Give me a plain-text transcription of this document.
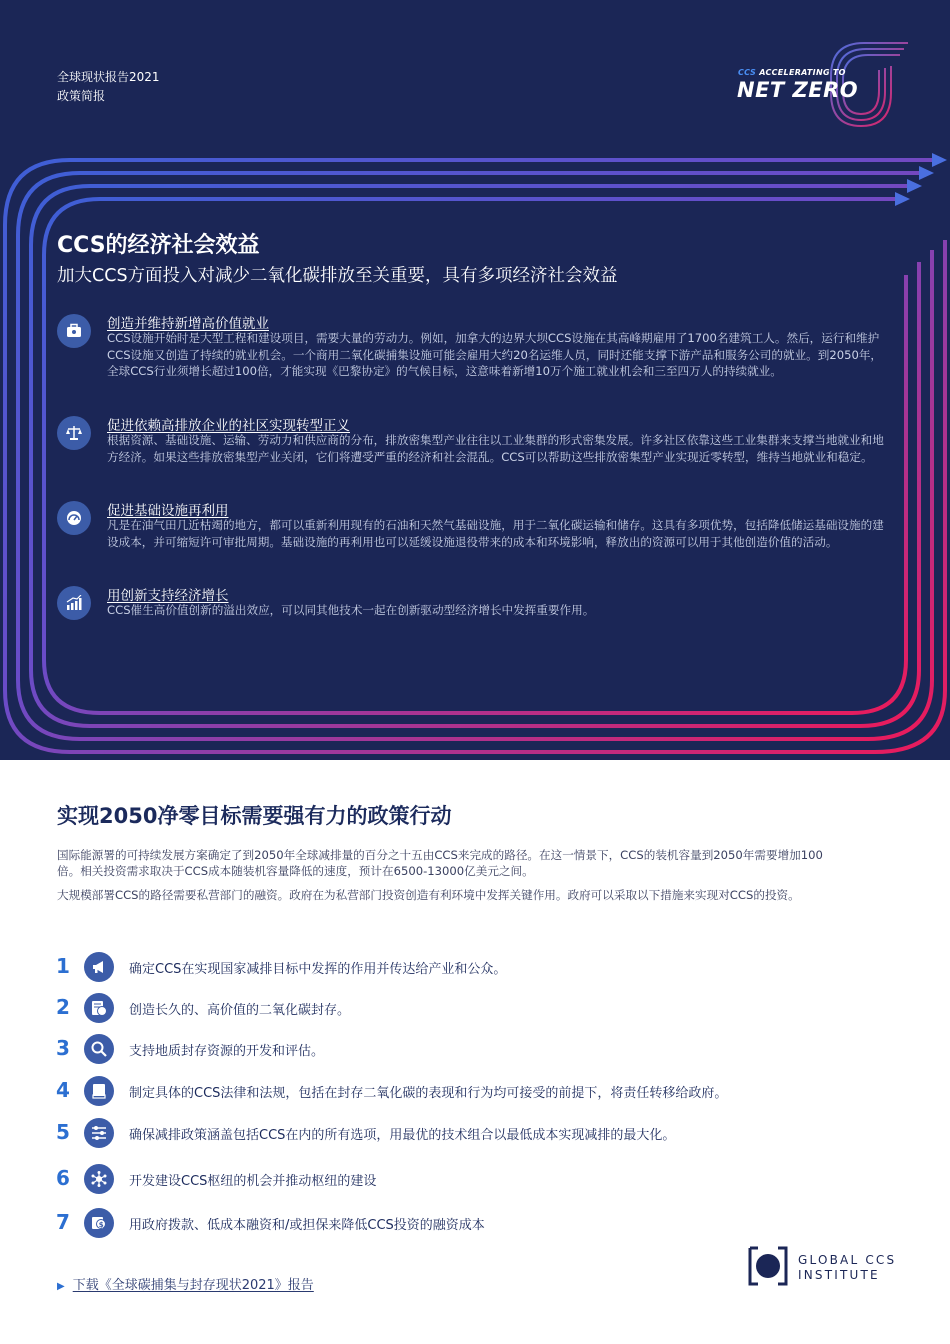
全球现状报告2021
政策简报
CCS ACCELERATING TO
NET ZERO
CCS的经济社会效益
加大CCS方面投入对减少二氧化碳排放至关重要，具有多项经济社会效益
创造并维持新增高价值就业
CCS设施开始时是大型工程和建设项目，需要大量的劳动力。例如，加拿大的边界大坝CCS设施在其高峰期雇用了1700名建筑工人。然后，运行和维护CCS设施又创造了持续的就业机会。一个商用二氧化碳捕集设施可能会雇用大约20名运维人员，同时还能支撑下游产品和服务公司的就业。到2050年，全球CCS行业须增长超过100倍，才能实现《巴黎协定》的气候目标，这意味着新增10万个施工就业机会和三至四万人的持续就业。
促进依赖高排放企业的社区实现转型正义
根据资源、基础设施、运输、劳动力和供应商的分布，排放密集型产业往往以工业集群的形式密集发展。许多社区依靠这些工业集群来支撑当地就业和地方经济。如果这些排放密集型产业关闭，它们将遭受严重的经济和社会混乱。CCS可以帮助这些排放密集型产业实现近零转型，维持当地就业和稳定。
促进基础设施再利用
凡是在油气田几近枯竭的地方，都可以重新利用现有的石油和天然气基础设施，用于二氧化碳运输和储存。这具有多项优势，包括降低储运基础设施的建设成本，并可缩短许可审批周期。基础设施的再利用也可以延缓设施退役带来的成本和环境影响，释放出的资源可以用于其他创造价值的活动。
用创新支持经济增长
CCS催生高价值创新的溢出效应，可以同其他技术一起在创新驱动型经济增长中发挥重要作用。
实现2050净零目标需要强有力的政策行动
国际能源署的可持续发展方案确定了到2050年全球减排量的百分之十五由CCS来完成的路径。在这一情景下，CCS的装机容量到2050年需要增加100倍。相关投资需求取决于CCS成本随装机容量降低的速度，预计在6500-13000亿美元之间。
大规模部署CCS的路径需要私营部门的融资。政府在为私营部门投资创造有利环境中发挥关键作用。政府可以采取以下措施来实现对CCS的投资。
1	确定CCS在实现国家减排目标中发挥的作用并传达给产业和公众。
2	创造长久的、高价值的二氧化碳封存。
3	支持地质封存资源的开发和评估。
4	制定具体的CCS法律和法规，包括在封存二氧化碳的表现和行为均可接受的前提下，将责任转移给政府。
5	确保减排政策涵盖包括CCS在内的所有选项，用最优的技术组合以最低成本实现减排的最大化。
6	开发建设CCS枢纽的机会并推动枢纽的建设
7	$ 用政府拨款、低成本融资和/或担保来降低CCS投资的融资成本
▶ 下载《全球碳捕集与封存现状2021》报告
GLOBAL CCS
INSTITUTE
